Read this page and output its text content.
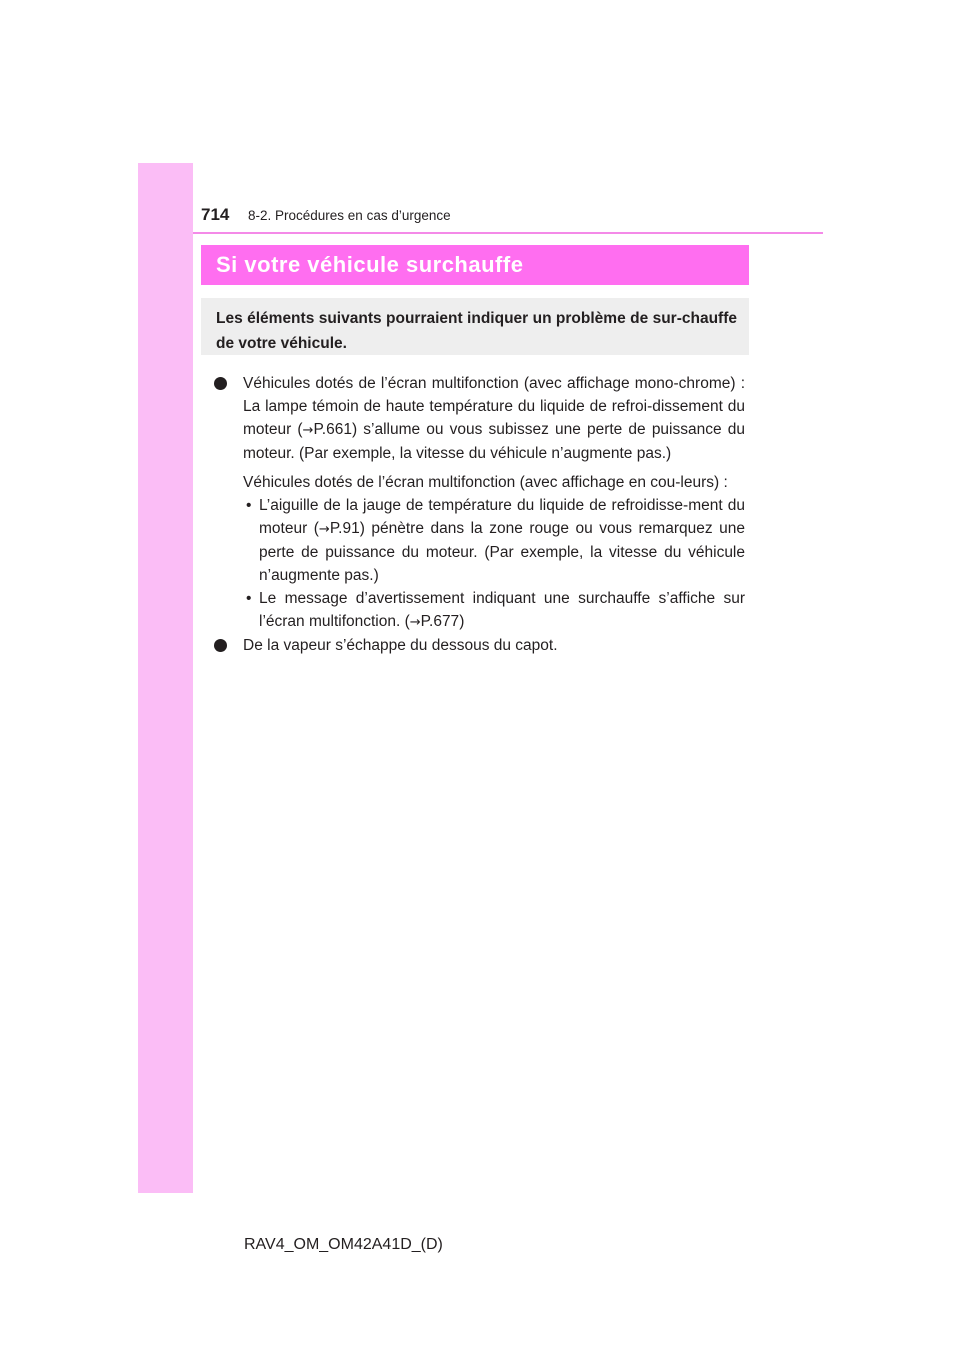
714 8-2. Procédures en cas d’urgence
Si votre véhicule surchauffe
Les éléments suivants pourraient indiquer un problème de sur-chauffe de votre véhicule.

Véhicules dotés de l’écran multifonction (avec affichage mono-chrome) : La lampe témoin de haute température du liquide de refroi-dissement du moteur (→P.661) s’allume ou vous subissez une perte de puissance du moteur. (Par exemple, la vitesse du véhicule n’augmente pas.)

Véhicules dotés de l’écran multifonction (avec affichage en cou-leurs) :

• L’aiguille de la jauge de température du liquide de refroidisse-ment du moteur (→P.91) pénètre dans la zone rouge ou vous remarquez une perte de puissance du moteur. (Par exemple, la vitesse du véhicule n’augmente pas.)

• Le message d’avertissement indiquant une surchauffe s’affiche sur l’écran multifonction. (→P.677)

De la vapeur s’échappe du dessous du capot.

RAV4_OM_OM42A41D_(D)
